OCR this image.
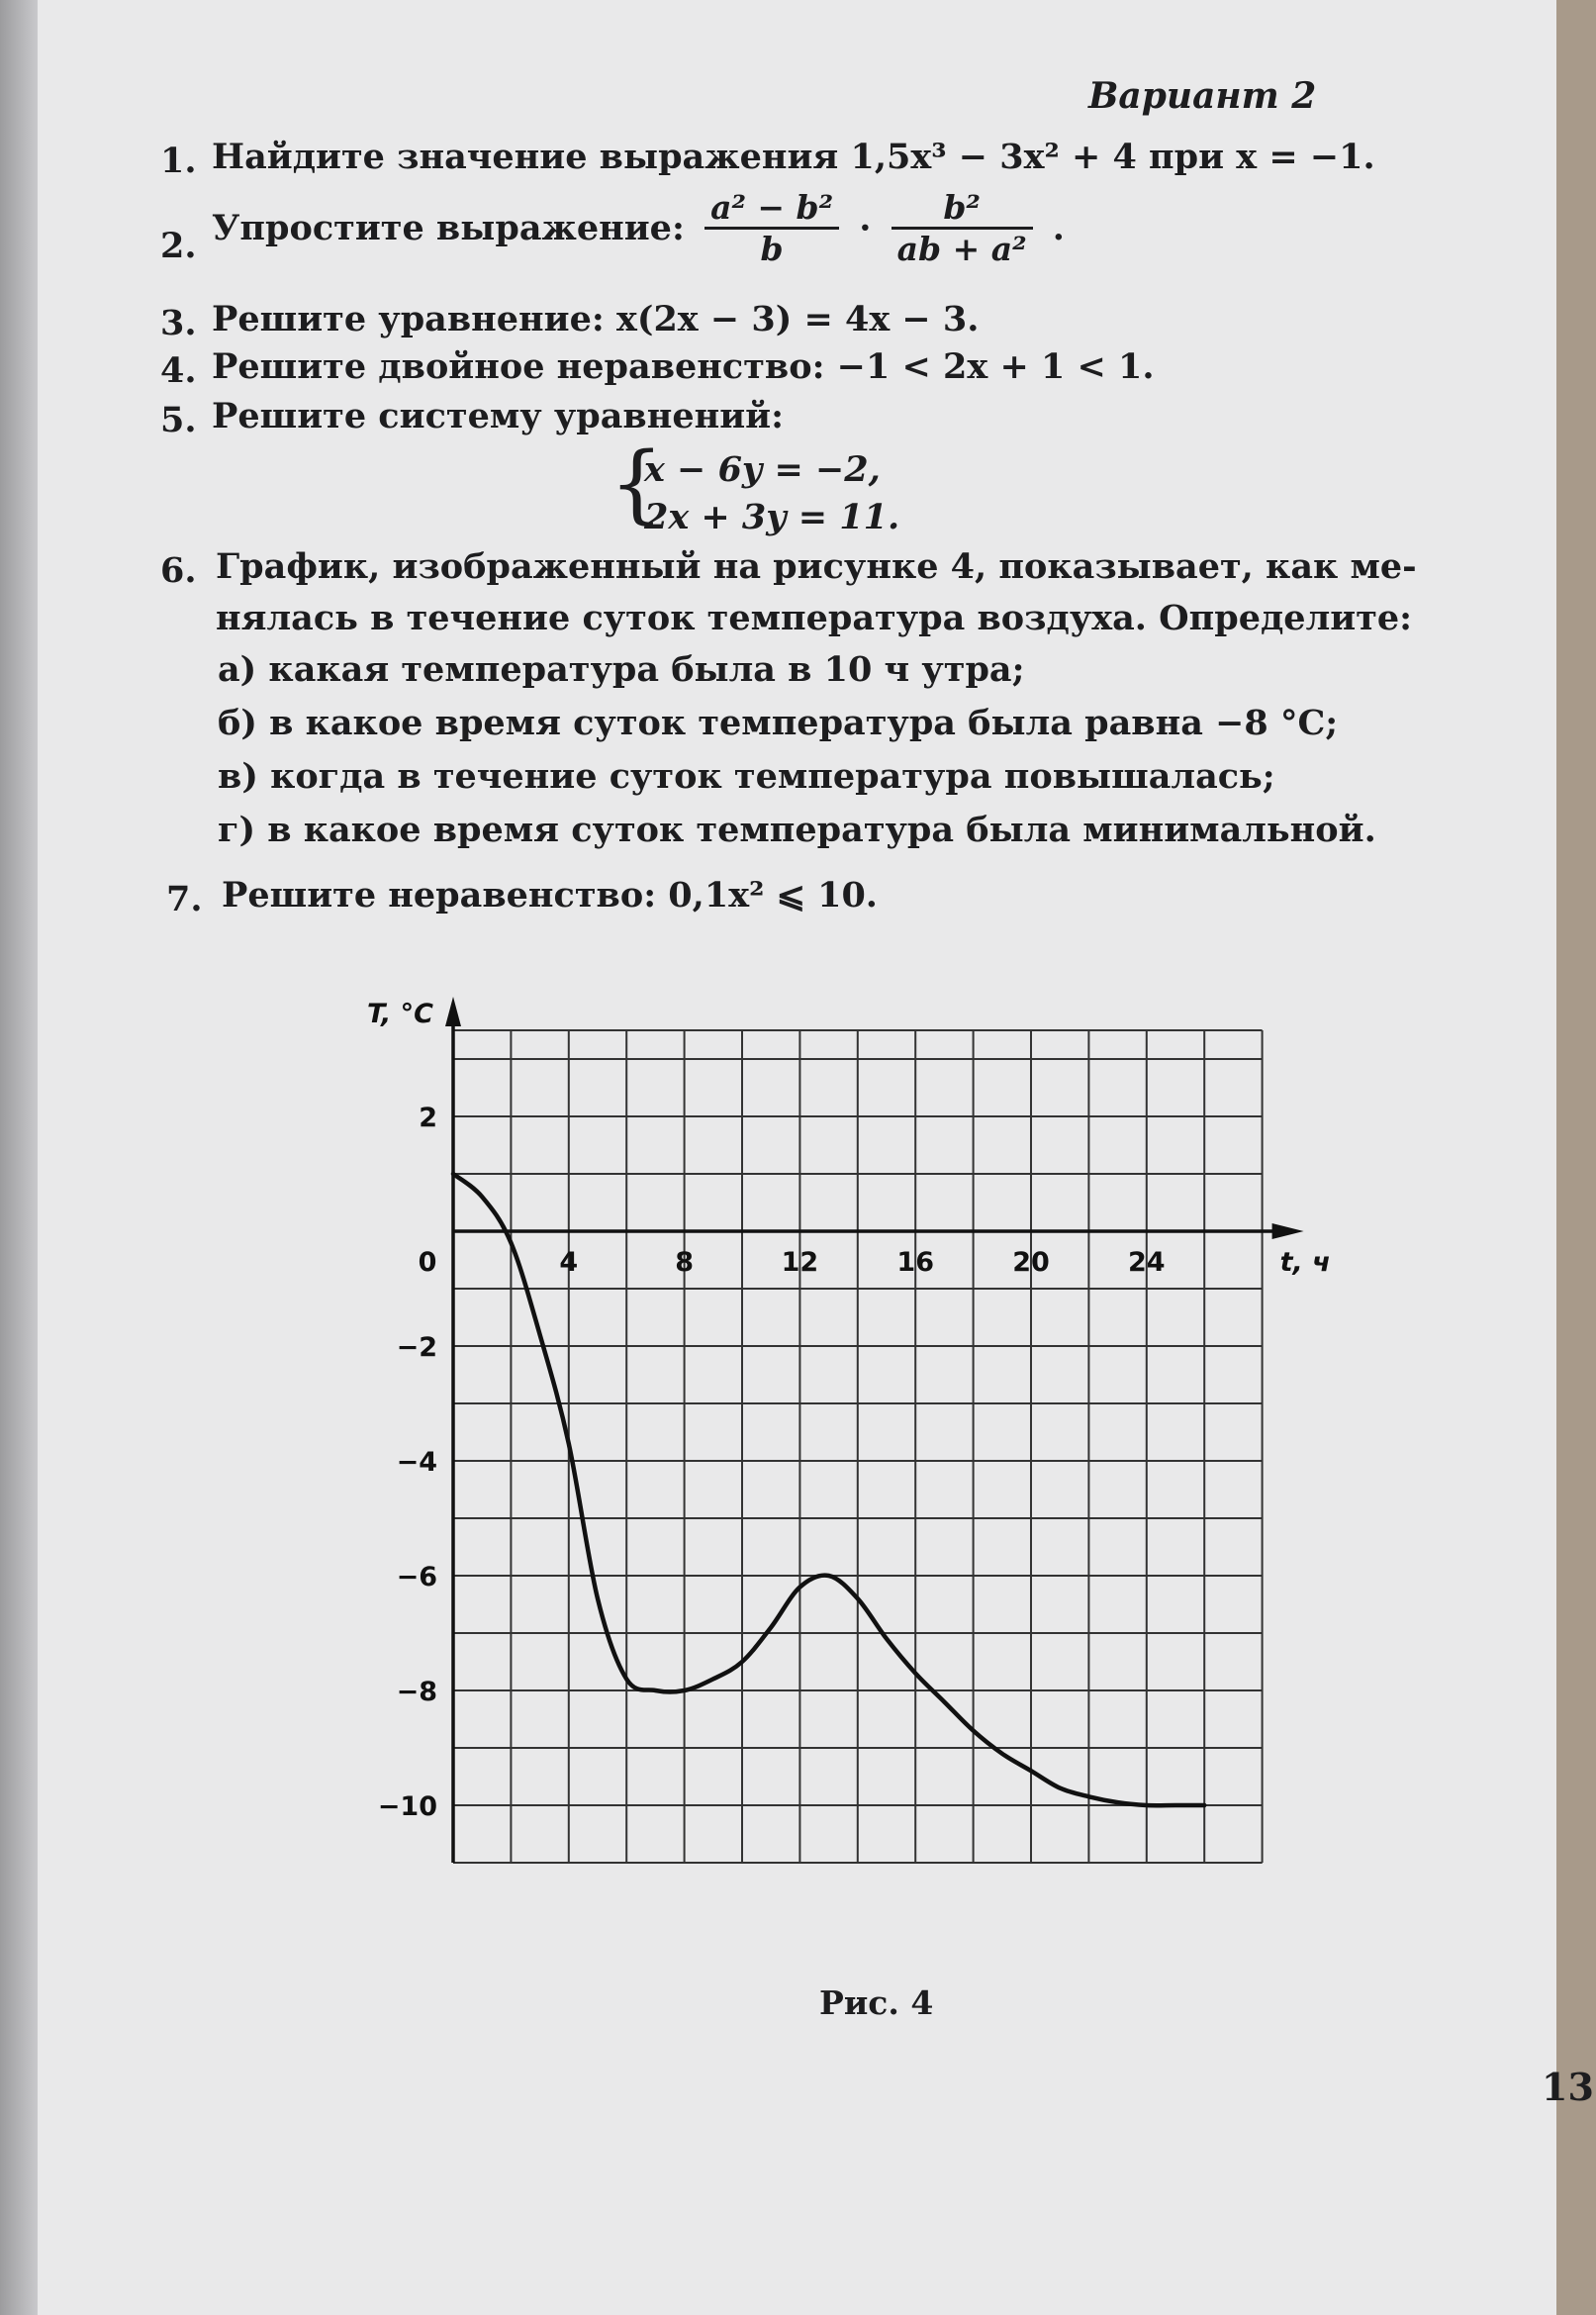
Вариант 2
1. Найдите значение выражения 1,5x³ − 3x² + 4 при x = −1.
2. Упростите выражение: $\frac{\text{a² − b²}}{b} \cdot \frac{\text{b²}}{\text{ab + a²}}$ .
3. Решите уравнение: x(2x − 3) = 4x − 3.
4. Решите двойное неравенство: −1 < 2x + 1 < 1.
5. Решите систему уравнений:
{
x − 6y = −2,
2x + 3y = 11.
6. График, изображенный на рисунке 4, показывает, как ме-
нялась в течение суток температура воздуха. Определите:
а) какая температура была в 10 ч утра;
б) в какое время суток температура была равна −8 °С;
в) когда в течение суток температура повышалась;
г) в какое время суток температура была минимальной.
7. Решите неравенство: 0,1x² ⩽ 10.
0	4	8	12	16	20	24
2
−2
−4
−6
−8
−10
t, ч
T, °С
Рис. 4
13
